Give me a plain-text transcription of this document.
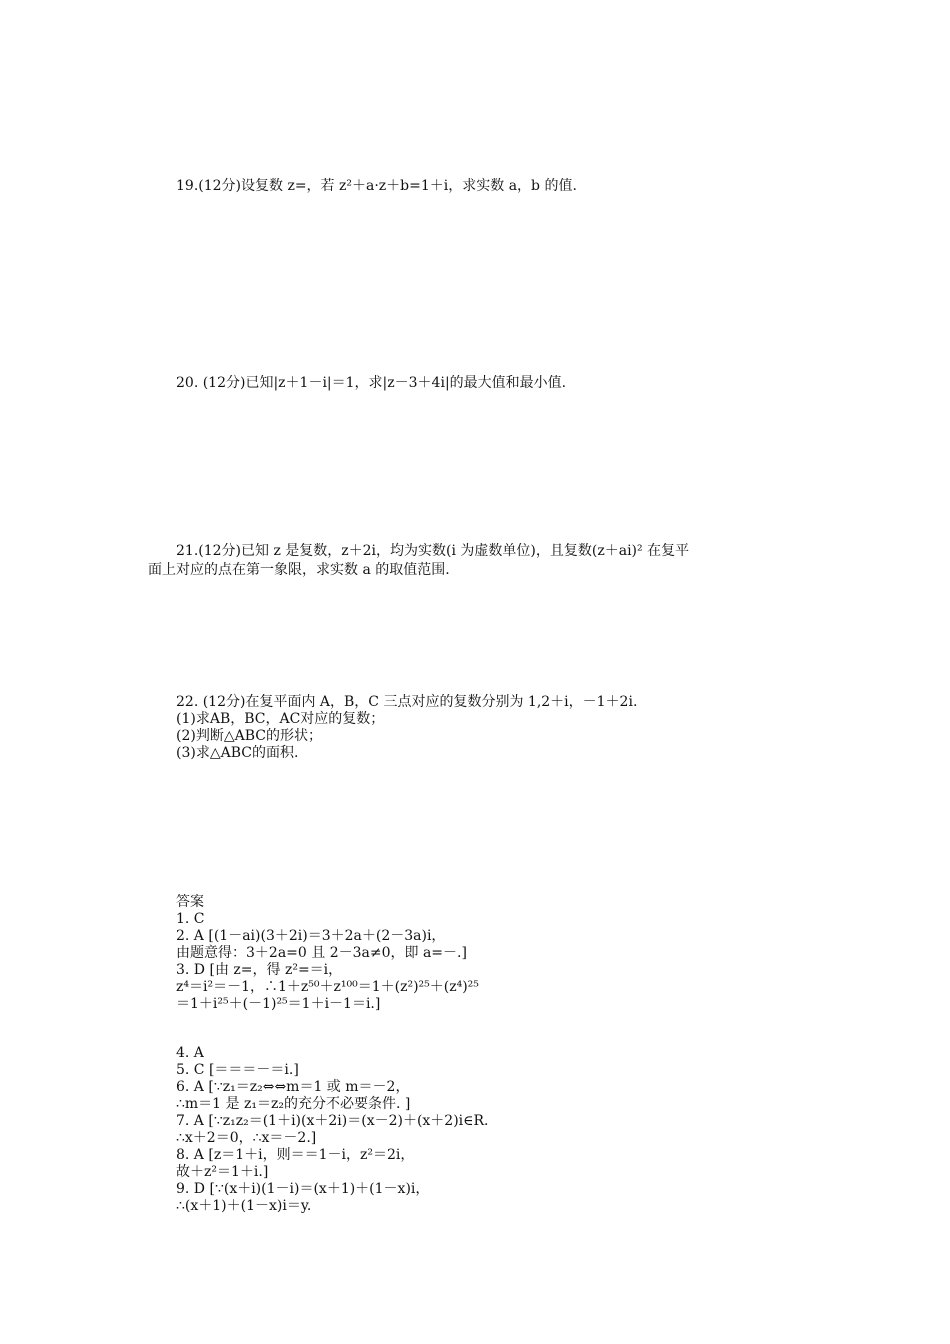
19.(12分)设复数 z=，若 z²＋a·z＋b=1＋i，求实数 a，b 的值.
20. (12分)已知|z＋1－i|＝1，求|z－3＋4i|的最大值和最小值.
21.(12分)已知 z 是复数，z＋2i，均为实数(i 为虚数单位)，且复数(z＋ai)² 在复平
面上对应的点在第一象限，求实数 a 的取值范围.
22. (12分)在复平面内 A，B，C 三点对应的复数分别为 1,2＋i，－1＋2i.
(1)求AB，BC，AC对应的复数；
(2)判断△ABC的形状；
(3)求△ABC的面积.
答案
1. C
2. A [(1－ai)(3＋2i)＝3＋2a＋(2－3a)i，
由题意得：3＋2a=0 且 2－3a≠0，即 a=－.]
3. D [由 z=，得 z²=＝i，
z⁴＝i²＝－1，∴1＋z⁵⁰＋z¹⁰⁰＝1＋(z²)²⁵＋(z⁴)²⁵
＝1＋i²⁵＋(－1)²⁵＝1＋i－1＝i.]
4. A
5. C [＝＝＝－＝i.]
6. A [∵z₁＝z₂⇔⇔m＝1 或 m＝－2，
∴m＝1 是 z₁＝z₂的充分不必要条件. ]
7. A [∵z₁z₂＝(1＋i)(x＋2i)＝(x－2)＋(x＋2)i∈R.
∴x＋2＝0，∴x＝－2.]
8. A [z＝1＋i，则＝＝1－i，z²＝2i，
故＋z²＝1＋i.]
9. D [∵(x＋i)(1－i)＝(x＋1)＋(1－x)i，
∴(x＋1)＋(1－x)i＝y.
